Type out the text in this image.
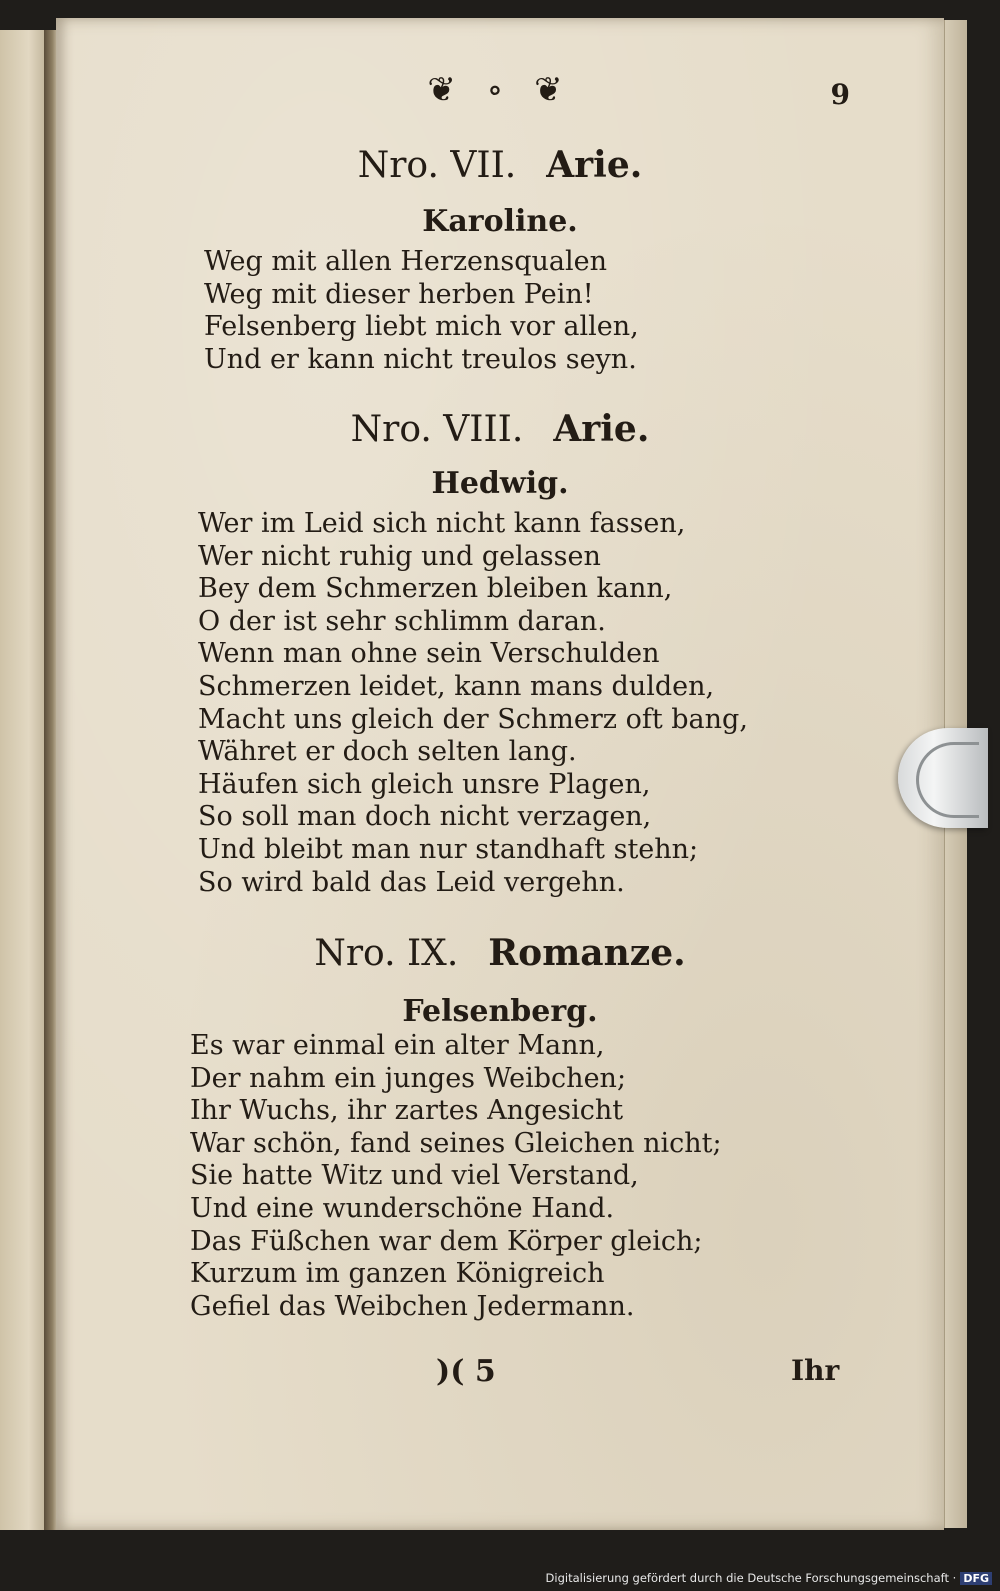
❦ ∘ ❦	9
Nro. VII. Arie.
Karoline.
Weg mit allen Herzensqualen
Weg mit dieser herben Pein!
Felsenberg liebt mich vor allen,
Und er kann nicht treulos seyn.
Nro. VIII. Arie.
Hedwig.
Wer im Leid sich nicht kann fassen,
Wer nicht ruhig und gelassen
Bey dem Schmerzen bleiben kann,
O der ist sehr schlimm daran.
Wenn man ohne sein Verschulden
Schmerzen leidet, kann mans dulden,
Macht uns gleich der Schmerz oft bang,
Währet er doch selten lang.
Häufen sich gleich unsre Plagen,
So soll man doch nicht verzagen,
Und bleibt man nur standhaft stehn;
So wird bald das Leid vergehn.
Nro. IX. Romanze.
Felsenberg.
Es war einmal ein alter Mann,
Der nahm ein junges Weibchen;
Ihr Wuchs, ihr zartes Angesicht
War schön, fand seines Gleichen nicht;
Sie hatte Witz und viel Verstand,
Und eine wunderschöne Hand.
Das Füßchen war dem Körper gleich;
Kurzum im ganzen Königreich
Gefiel das Weibchen Jedermann.
)( 5	Ihr
Digitalisierung gefördert durch die Deutsche Forschungsgemeinschaft · DFG
